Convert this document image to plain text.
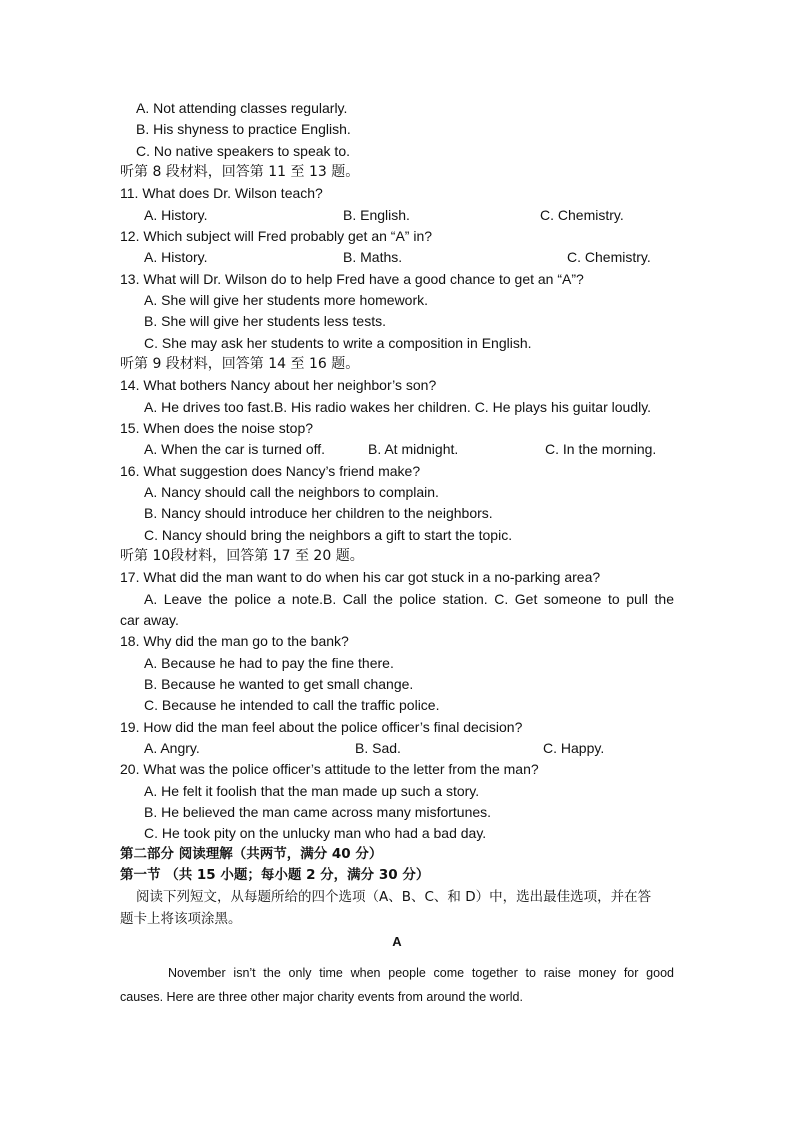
A. Not attending classes regularly.
B. His shyness to practice English.
C. No native speakers to speak to.
听第 8 段材料，回答第 11 至 13 题。
11. What does Dr. Wilson teach?
A. History.	B. English.	C. Chemistry.
12. Which subject will Fred probably get an “A” in?
A. History.	B. Maths.	C. Chemistry.
13. What will Dr. Wilson do to help Fred have a good chance to get an “A”?
A. She will give her students more homework.
B. She will give her students less tests.
C. She may ask her students to write a composition in English.
听第 9 段材料，回答第 14 至 16 题。
14. What bothers Nancy about her neighbor’s son?
A. He drives too fast.B. His radio wakes her children. C. He plays his guitar loudly.
15. When does the noise stop?
A. When the car is turned off.	B. At midnight.	C. In the morning.
16. What suggestion does Nancy’s friend make?
A. Nancy should call the neighbors to complain.
B. Nancy should introduce her children to the neighbors.
C. Nancy should bring the neighbors a gift to start the topic.
听第 10段材料，回答第 17 至 20 题。
17. What did the man want to do when his car got stuck in a no-parking area?
A. Leave the police a note.B. Call the police station. C. Get someone to pull the
car away.
18. Why did the man go to the bank?
A. Because he had to pay the fine there.
B. Because he wanted to get small change.
C. Because he intended to call the traffic police.
19. How did the man feel about the police officer’s final decision?
A. Angry.	B. Sad.	C. Happy.
20. What was the police officer’s attitude to the letter from the man?
A. He felt it foolish that the man made up such a story.
B. He believed the man came across many misfortunes.
C. He took pity on the unlucky man who had a bad day.
第二部分 阅读理解（共两节，满分 40 分）
第一节 （共 15 小题；每小题 2 分，满分 30 分）
阅读下列短文，从每题所给的四个选项（A、B、C、和 D）中，选出最佳选项，并在答
题卡上将该项涂黑。
A
November isn’t the only time when people come together to raise money for good
causes. Here are three other major charity events from around the world.
